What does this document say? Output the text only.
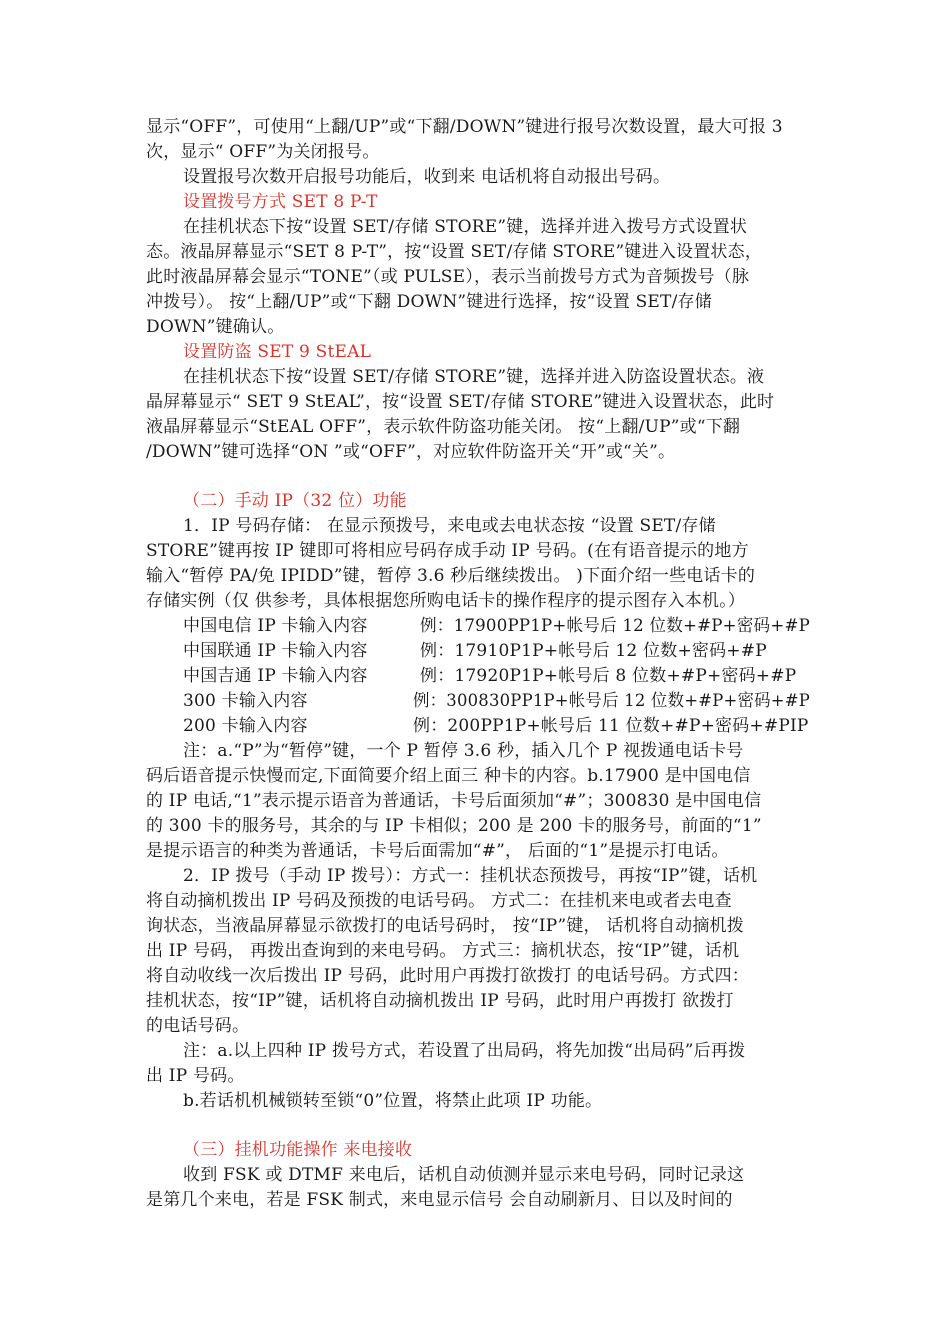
显示“OFF”，可使用“上翻/UP”或“下翻/DOWN”键进行报号次数设置，最大可报 3
次，显示“ OFF”为关闭报号。
设置报号次数开启报号功能后，收到来 电话机将自动报出号码。
设置拨号方式 SET 8 P-T
在挂机状态下按“设置 SET/存储 STORE”键，选择并进入拨号方式设置状
态。液晶屏幕显示“SET 8 P-T”，按“设置 SET/存储 STORE”键进入设置状态，
此时液晶屏幕会显示“TONE”（或 PULSE），表示当前拨号方式为音频拨号（脉
冲拨号）。 按“上翻/UP”或“下翻 DOWN”键进行选择，按“设置 SET/存储
DOWN”键确认。
设置防盗 SET 9 StEAL
在挂机状态下按“设置 SET/存储 STORE”键，选择并进入防盗设置状态。液
晶屏幕显示“ SET 9 StEAL”，按“设置 SET/存储 STORE”键进入设置状态，此时
液晶屏幕显示“StEAL OFF”，表示软件防盗功能关闭。 按“上翻/UP”或“下翻
/DOWN”键可选择“ON ”或“OFF”，对应软件防盗开关“开”或“关”。
（二）手动 IP（32 位）功能
1．IP 号码存储： 在显示预拨号，来电或去电状态按 “设置 SET/存储
STORE”键再按 IP 键即可将相应号码存成手动 IP 号码。(在有语音提示的地方
输入“暂停 PA/免 IPIDD”键，暂停 3.6 秒后继续拨出。 )下面介绍一些电话卡的
存储实例（仅 供参考，具体根据您所购电话卡的操作程序的提示图存入本机。）
中国电信 IP 卡输入内容	例：17900PP1P+帐号后 12 位数+#P+密码+#P
中国联通 IP 卡输入内容	例：17910P1P+帐号后 12 位数+密码+#P
中国吉通 IP 卡输入内容	例：17920P1P+帐号后 8 位数+#P+密码+#P
300 卡输入内容	例：300830PP1P+帐号后 12 位数+#P+密码+#P
200 卡输入内容	例：200PP1P+帐号后 11 位数+#P+密码+#PIP
注：a.“P”为“暂停”键，一个 P 暂停 3.6 秒，插入几个 P 视拨通电话卡号
码后语音提示快慢而定,下面简要介绍上面三 种卡的内容。b.17900 是中国电信
的 IP 电话,“1”表示提示语音为普通话，卡号后面须加“#”；300830 是中国电信
的 300 卡的服务号，其余的与 IP 卡相似；200 是 200 卡的服务号，前面的“1”
是提示语言的种类为普通话，卡号后面需加“#”， 后面的“1”是提示打电话。
2．IP 拨号（手动 IP 拨号）：方式一：挂机状态预拨号，再按“IP”键，话机
将自动摘机拨出 IP 号码及预拨的电话号码。 方式二：在挂机来电或者去电查
询状态，当液晶屏幕显示欲拨打的电话号码时， 按“IP”键， 话机将自动摘机拨
出 IP 号码， 再拨出查询到的来电号码。 方式三：摘机状态，按“IP”键，话机
将自动收线一次后拨出 IP 号码，此时用户再拨打欲拨打 的电话号码。方式四：
挂机状态，按“IP”键，话机将自动摘机拨出 IP 号码，此时用户再拨打 欲拨打
的电话号码。
注：a.以上四种 IP 拨号方式，若设置了出局码，将先加拨“出局码”后再拨
出 IP 号码。
b.若话机机械锁转至锁“0”位置，将禁止此项 IP 功能。
（三）挂机功能操作 来电接收
收到 FSK 或 DTMF 来电后，话机自动侦测并显示来电号码，同时记录这
是第几个来电，若是 FSK 制式，来电显示信号 会自动刷新月、日以及时间的
